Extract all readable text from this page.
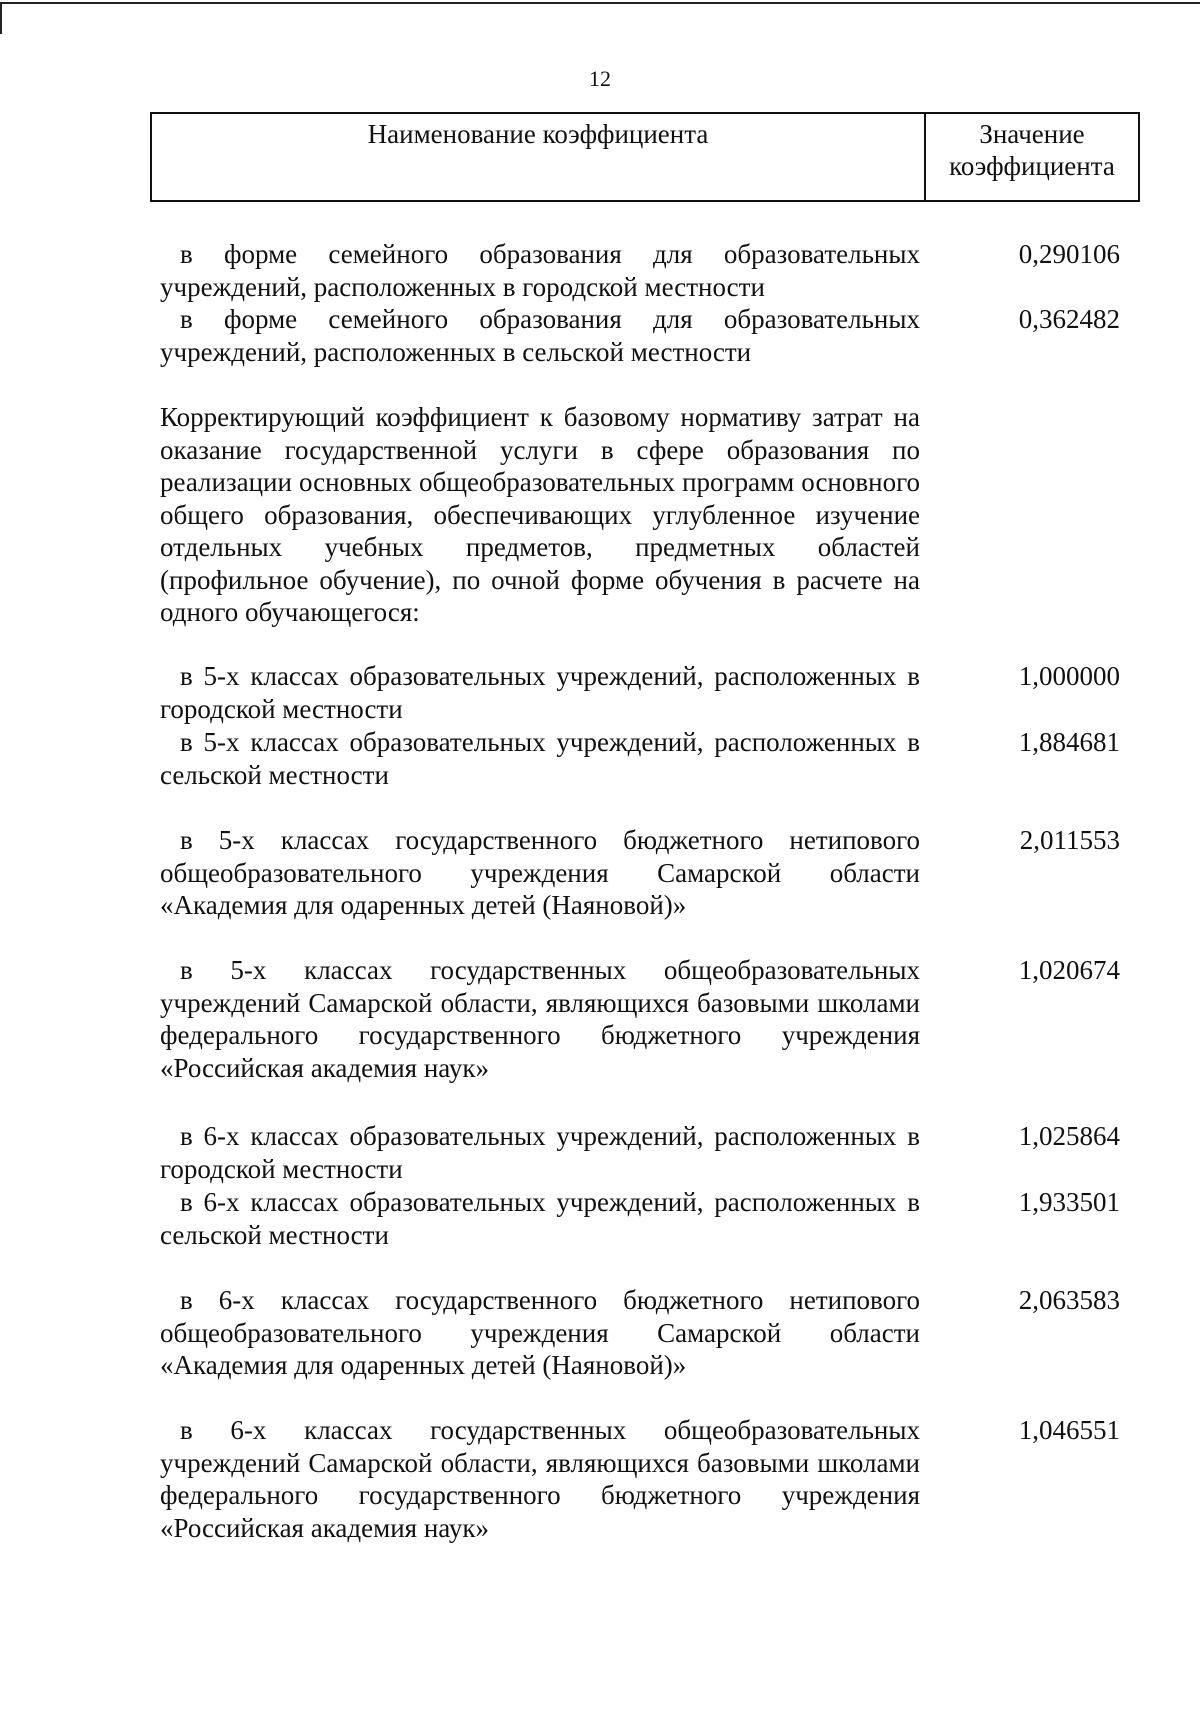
12
Наименование коэффициента	Значение
коэффициента
в форме семейного образования для образовательных учреждений, расположенных в городской местности
0,290106
в форме семейного образования для образовательных учреждений, расположенных в сельской местности
0,362482
Корректирующий коэффициент к базовому нормативу затрат на оказание государственной услуги в сфере образования по реализации основных общеобразовательных программ основного общего образования, обеспечивающих углубленное изучение отдельных учебных предметов, предметных областей (профильное обучение), по очной форме обучения в расчете на одного обучающегося:
в 5-х классах образовательных учреждений, расположенных в городской местности
1,000000
в 5-х классах образовательных учреждений, расположенных в сельской местности
1,884681
в 5-х классах государственного бюджетного нетипового общеобразовательного учреждения Самарской области «Академия для одаренных детей (Наяновой)»
2,011553
в 5-х классах государственных общеобразовательных учреждений Самарской области, являющихся базовыми школами федерального государственного бюджетного учреждения «Российская академия наук»
1,020674
в 6-х классах образовательных учреждений, расположенных в городской местности
1,025864
в 6-х классах образовательных учреждений, расположенных в сельской местности
1,933501
в 6-х классах государственного бюджетного нетипового общеобразовательного учреждения Самарской области «Академия для одаренных детей (Наяновой)»
2,063583
в 6-х классах государственных общеобразовательных учреждений Самарской области, являющихся базовыми школами федерального государственного бюджетного учреждения «Российская академия наук»
1,046551
